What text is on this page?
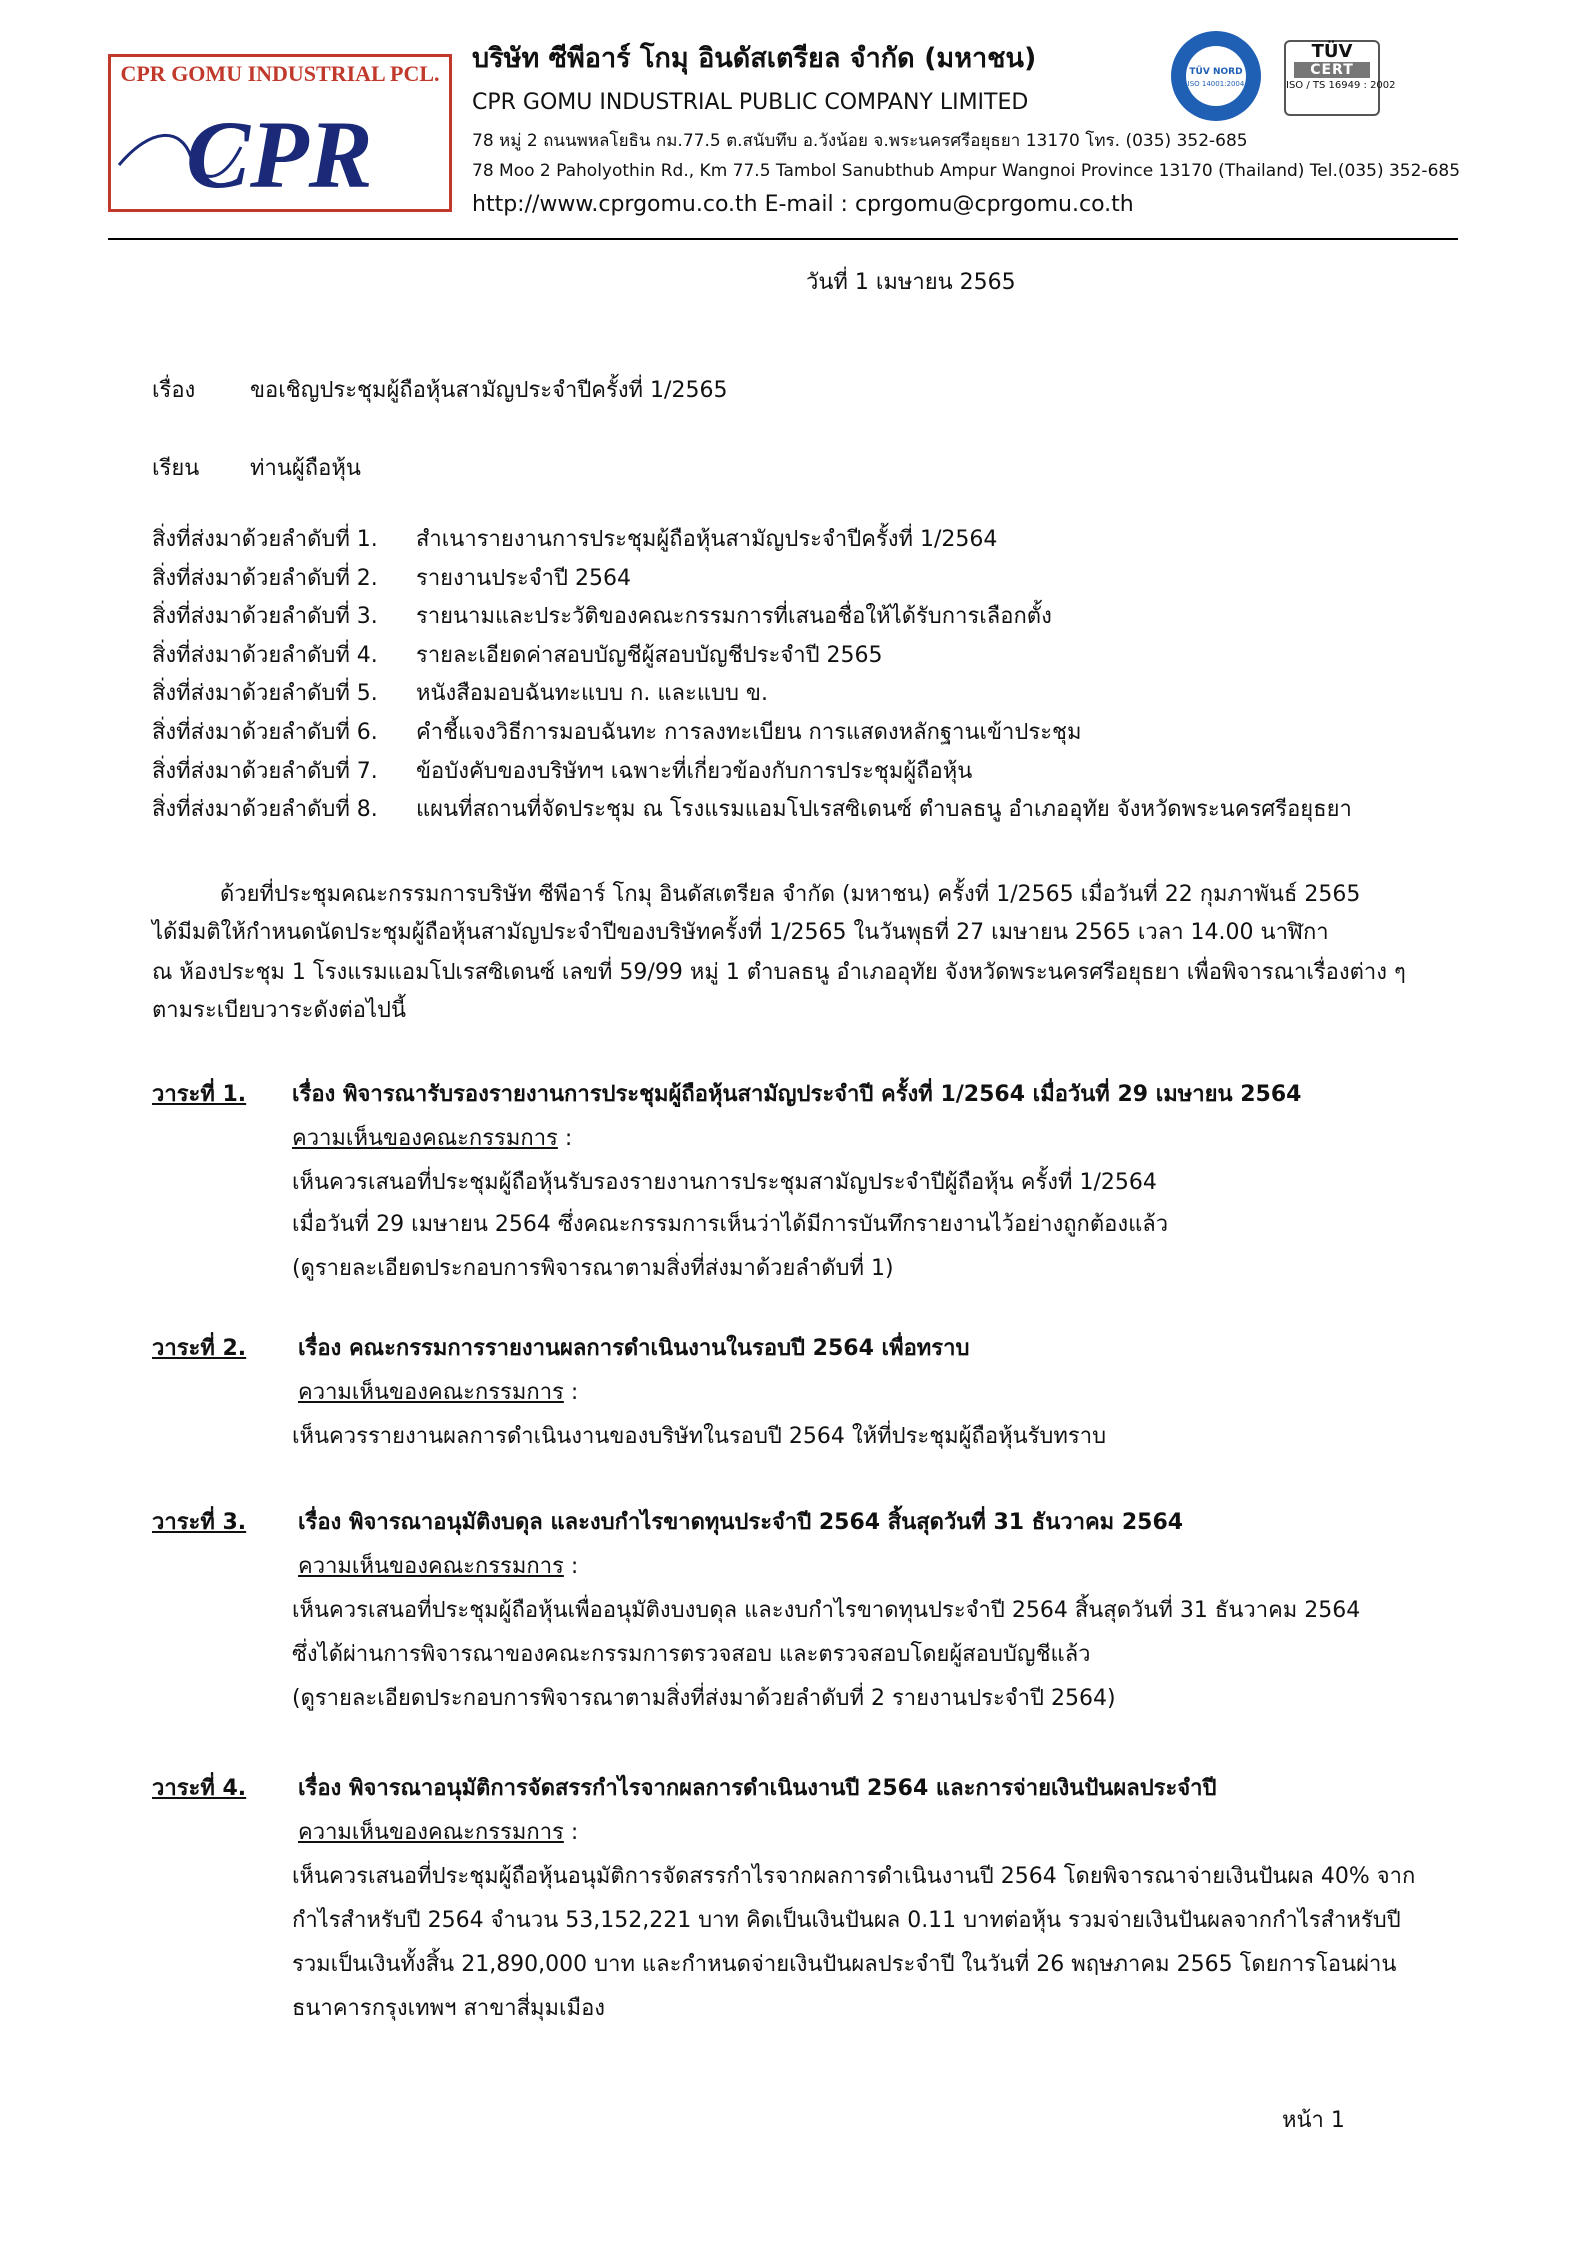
CPR GOMU INDUSTRIAL PCL.
CPR
บริษัท ซีพีอาร์ โกมุ อินดัสเตรียล จำกัด (มหาชน)
CPR GOMU INDUSTRIAL PUBLIC COMPANY LIMITED
78 หมู่ 2 ถนนพหลโยธิน กม.77.5 ต.สนับทึบ อ.วังน้อย จ.พระนครศรีอยุธยา 13170 โทร. (035) 352-685
78 Moo 2 Paholyothin Rd., Km 77.5 Tambol Sanubthub Ampur Wangnoi Province 13170 (Thailand) Tel.(035) 352-685
http://www.cprgomu.co.th E-mail : cprgomu@cprgomu.co.th
TÜV NORD
ISO 14001:2004
TÜV
CERT
ISO / TS 16949 : 2002
วันที่ 1 เมษายน 2565
เรื่อง ขอเชิญประชุมผู้ถือหุ้นสามัญประจำปีครั้งที่ 1/2565
เรียน ท่านผู้ถือหุ้น
สิ่งที่ส่งมาด้วยลำดับที่ 1. สำเนารายงานการประชุมผู้ถือหุ้นสามัญประจำปีครั้งที่ 1/2564
สิ่งที่ส่งมาด้วยลำดับที่ 2. รายงานประจำปี 2564
สิ่งที่ส่งมาด้วยลำดับที่ 3. รายนามและประวัติของคณะกรรมการที่เสนอชื่อให้ได้รับการเลือกตั้ง
สิ่งที่ส่งมาด้วยลำดับที่ 4. รายละเอียดค่าสอบบัญชีผู้สอบบัญชีประจำปี 2565
สิ่งที่ส่งมาด้วยลำดับที่ 5. หนังสือมอบฉันทะแบบ ก. และแบบ ข.
สิ่งที่ส่งมาด้วยลำดับที่ 6. คำชี้แจงวิธีการมอบฉันทะ การลงทะเบียน การแสดงหลักฐานเข้าประชุม
สิ่งที่ส่งมาด้วยลำดับที่ 7. ข้อบังคับของบริษัทฯ เฉพาะที่เกี่ยวข้องกับการประชุมผู้ถือหุ้น
สิ่งที่ส่งมาด้วยลำดับที่ 8. แผนที่สถานที่จัดประชุม ณ โรงแรมแอมโปเรสซิเดนซ์ ตำบลธนู อำเภออุทัย จังหวัดพระนครศรีอยุธยา
ด้วยที่ประชุมคณะกรรมการบริษัท ซีพีอาร์ โกมุ อินดัสเตรียล จำกัด (มหาชน) ครั้งที่ 1/2565 เมื่อวันที่ 22 กุมภาพันธ์ 2565
ได้มีมติให้กำหนดนัดประชุมผู้ถือหุ้นสามัญประจำปีของบริษัทครั้งที่ 1/2565 ในวันพุธที่ 27 เมษายน 2565 เวลา 14.00 นาฬิกา
ณ ห้องประชุม 1 โรงแรมแอมโปเรสซิเดนซ์ เลขที่ 59/99 หมู่ 1 ตำบลธนู อำเภออุทัย จังหวัดพระนครศรีอยุธยา เพื่อพิจารณาเรื่องต่าง ๆ
ตามระเบียบวาระดังต่อไปนี้
วาระที่ 1. เรื่อง พิจารณารับรองรายงานการประชุมผู้ถือหุ้นสามัญประจำปี ครั้งที่ 1/2564 เมื่อวันที่ 29 เมษายน 2564
ความเห็นของคณะกรรมการ :
เห็นควรเสนอที่ประชุมผู้ถือหุ้นรับรองรายงานการประชุมสามัญประจำปีผู้ถือหุ้น ครั้งที่ 1/2564
เมื่อวันที่ 29 เมษายน 2564 ซึ่งคณะกรรมการเห็นว่าได้มีการบันทึกรายงานไว้อย่างถูกต้องแล้ว
(ดูรายละเอียดประกอบการพิจารณาตามสิ่งที่ส่งมาด้วยลำดับที่ 1)
วาระที่ 2. เรื่อง คณะกรรมการรายงานผลการดำเนินงานในรอบปี 2564 เพื่อทราบ
ความเห็นของคณะกรรมการ :
เห็นควรรายงานผลการดำเนินงานของบริษัทในรอบปี 2564 ให้ที่ประชุมผู้ถือหุ้นรับทราบ
วาระที่ 3. เรื่อง พิจารณาอนุมัติงบดุล และงบกำไรขาดทุนประจำปี 2564 สิ้นสุดวันที่ 31 ธันวาคม 2564
ความเห็นของคณะกรรมการ :
เห็นควรเสนอที่ประชุมผู้ถือหุ้นเพื่ออนุมัติงบงบดุล และงบกำไรขาดทุนประจำปี 2564 สิ้นสุดวันที่ 31 ธันวาคม 2564
ซึ่งได้ผ่านการพิจารณาของคณะกรรมการตรวจสอบ และตรวจสอบโดยผู้สอบบัญชีแล้ว
(ดูรายละเอียดประกอบการพิจารณาตามสิ่งที่ส่งมาด้วยลำดับที่ 2 รายงานประจำปี 2564)
วาระที่ 4. เรื่อง พิจารณาอนุมัติการจัดสรรกำไรจากผลการดำเนินงานปี 2564 และการจ่ายเงินปันผลประจำปี
ความเห็นของคณะกรรมการ :
เห็นควรเสนอที่ประชุมผู้ถือหุ้นอนุมัติการจัดสรรกำไรจากผลการดำเนินงานปี 2564 โดยพิจารณาจ่ายเงินปันผล 40% จาก
กำไรสำหรับปี 2564 จำนวน 53,152,221 บาท คิดเป็นเงินปันผล 0.11 บาทต่อหุ้น รวมจ่ายเงินปันผลจากกำไรสำหรับปี
รวมเป็นเงินทั้งสิ้น 21,890,000 บาท และกำหนดจ่ายเงินปันผลประจำปี ในวันที่ 26 พฤษภาคม 2565 โดยการโอนผ่าน
ธนาคารกรุงเทพฯ สาขาสี่มุมเมือง
หน้า 1
